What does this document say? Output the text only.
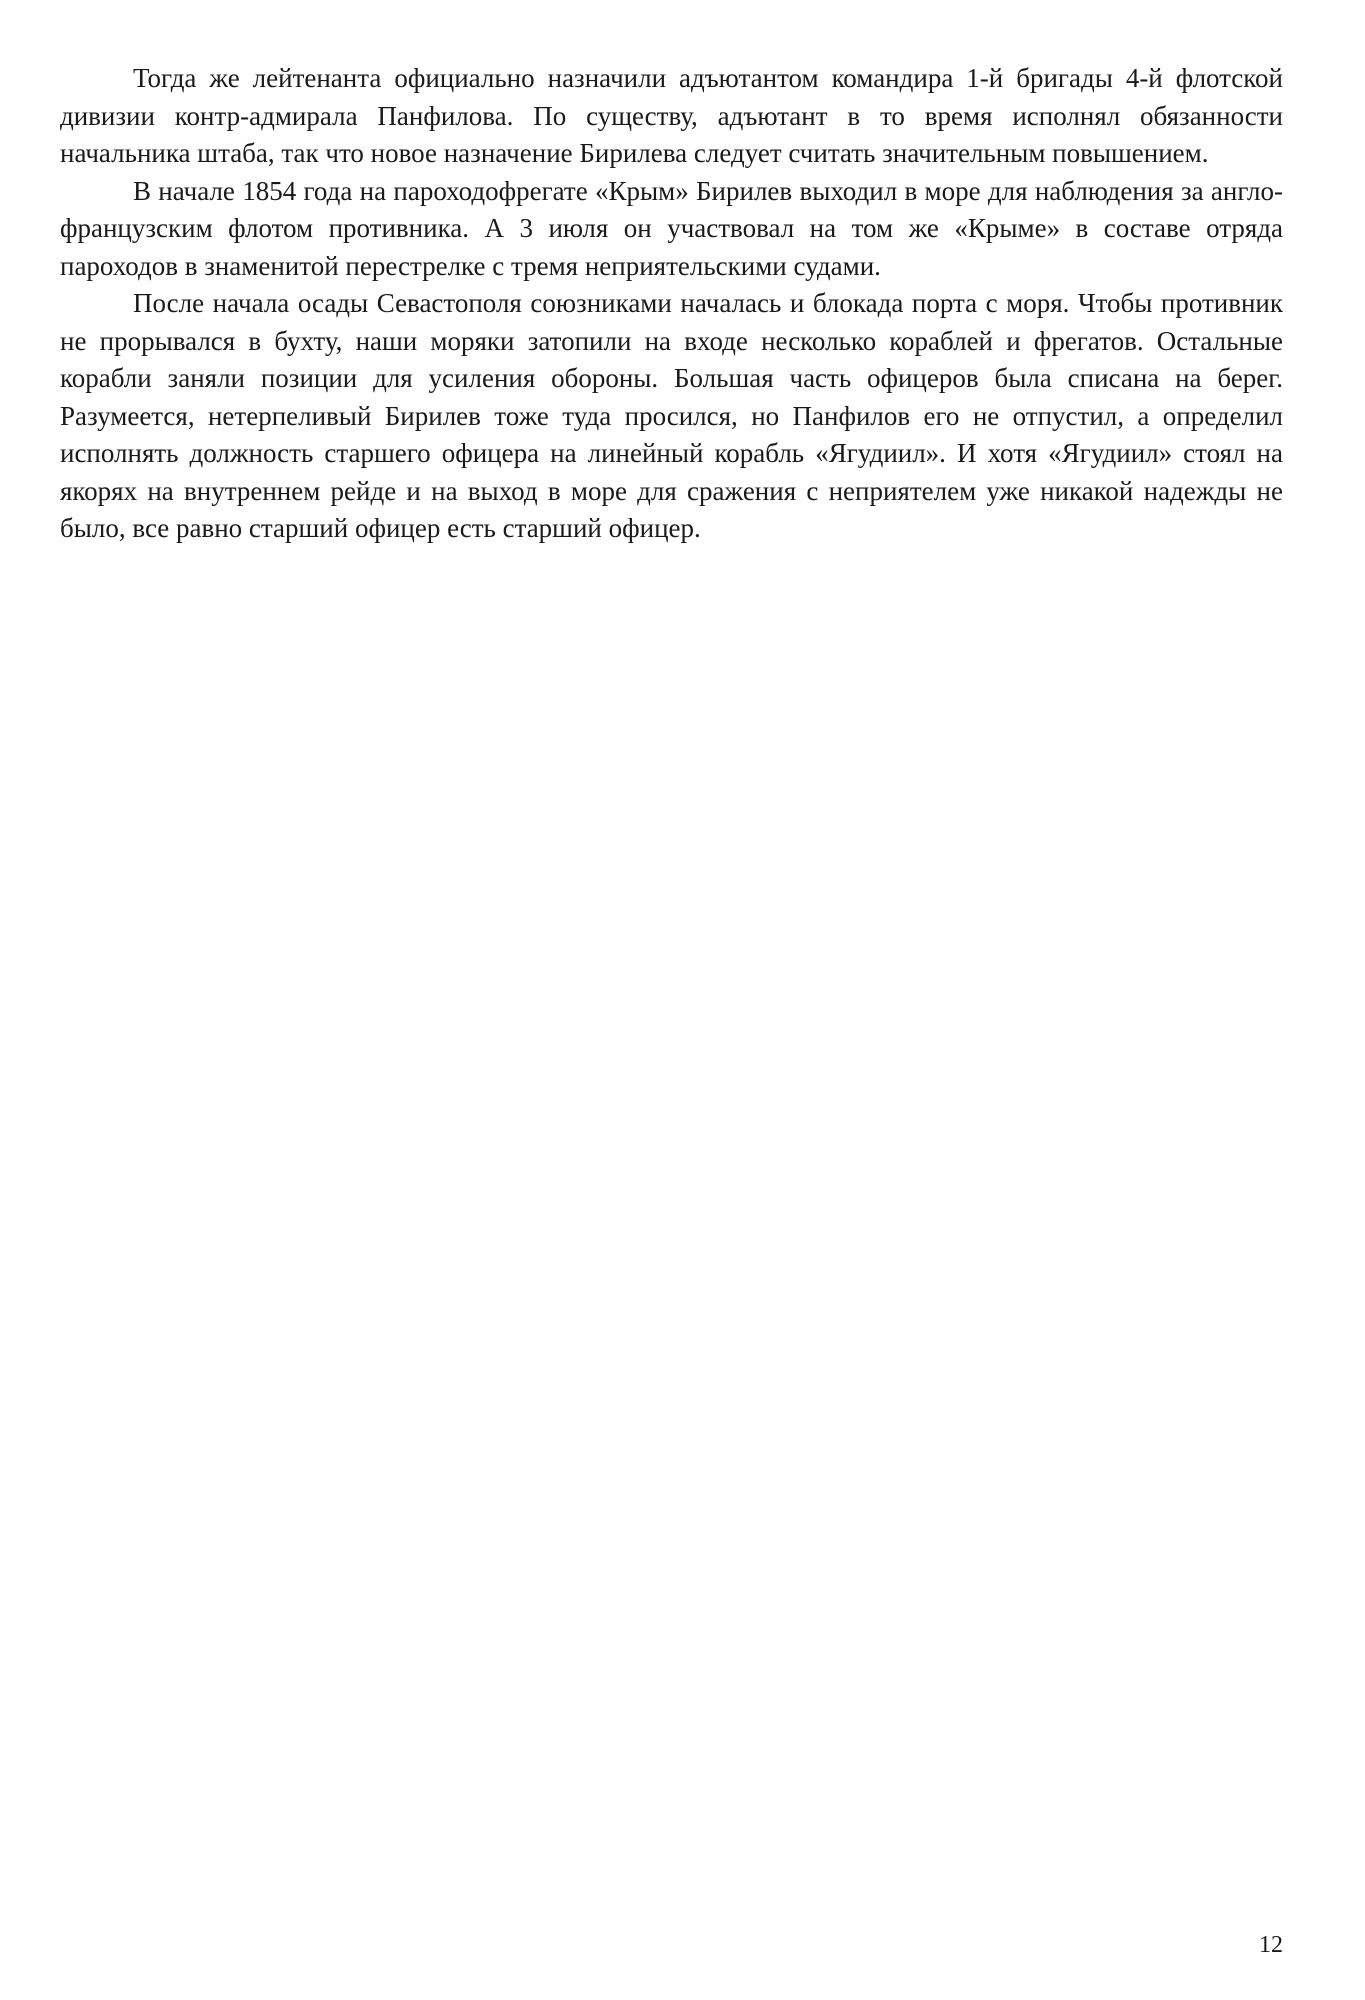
Тогда же лейтенанта официально назначили адъютантом командира 1-й бригады 4-й флотской дивизии контр-адмирала Панфилова. По существу, адъютант в то время исполнял обязанности начальника штаба, так что новое назначение Бирилева следует считать значительным повышением.

В начале 1854 года на пароходофрегате «Крым» Бирилев выходил в море для наблюдения за англо-французским флотом противника. А 3 июля он участвовал на том же «Крыме» в составе отряда пароходов в знаменитой перестрелке с тремя неприятельскими судами.

После начала осады Севастополя союзниками началась и блокада порта с моря. Чтобы противник не прорывался в бухту, наши моряки затопили на входе несколько кораблей и фрегатов. Остальные корабли заняли позиции для усиления обороны. Большая часть офицеров была списана на берег. Разумеется, нетерпеливый Бирилев тоже туда просился, но Панфилов его не отпустил, а определил исполнять должность старшего офицера на линейный корабль «Ягудиил». И хотя «Ягудиил» стоял на якорях на внутреннем рейде и на выход в море для сражения с неприятелем уже никакой надежды не было, все равно старший офицер есть старший офицер.

12
